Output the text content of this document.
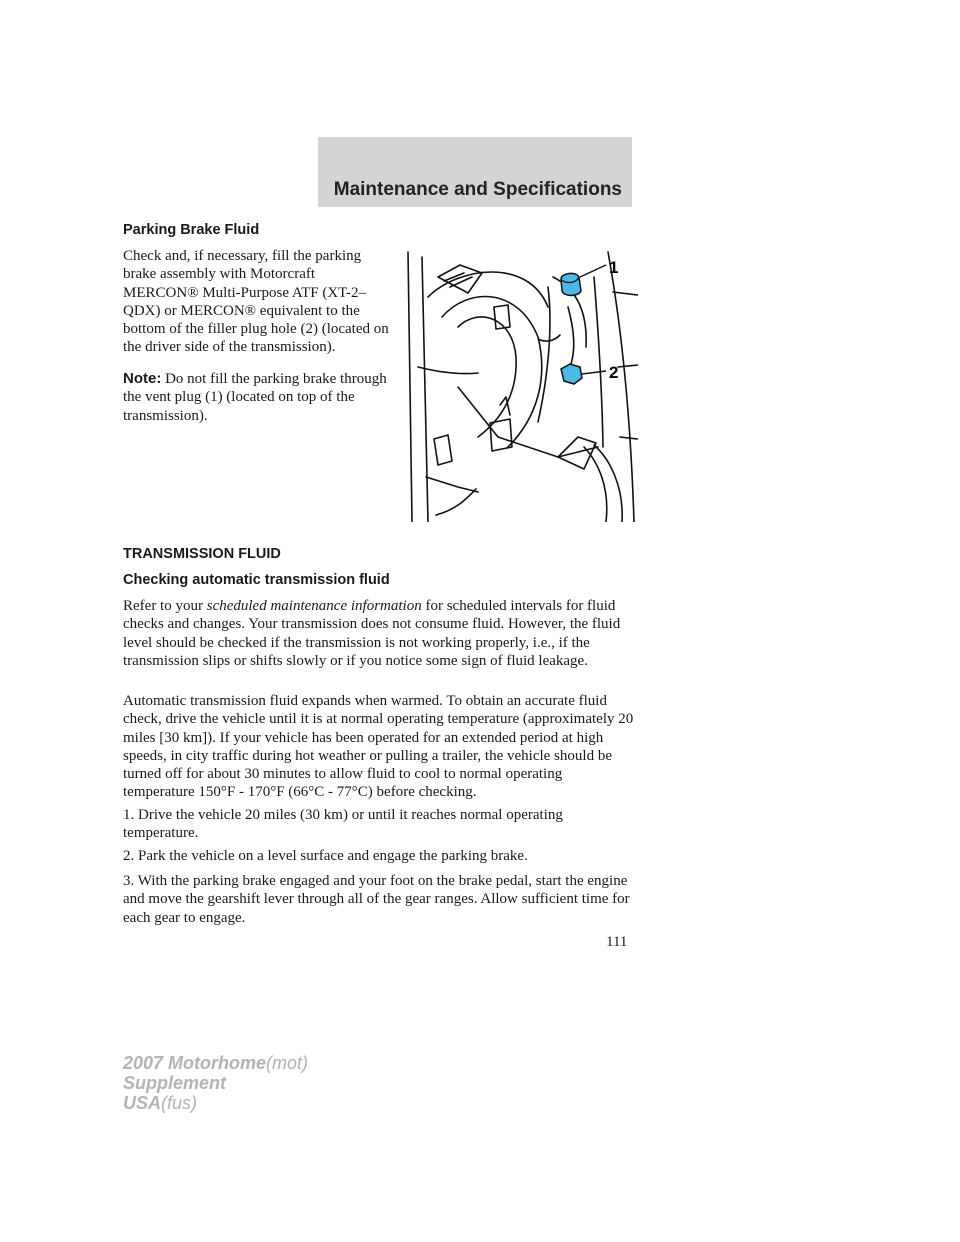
Maintenance and Specifications
Parking Brake Fluid

Check and, if necessary, fill the parking brake assembly with Motorcraft MERCON® Multi-Purpose ATF (XT-2–QDX) or MERCON® equivalent to the bottom of the filler plug hole (2) (located on the driver side of the transmission).

Note: Do not fill the parking brake through the vent plug (1) (located on top of the transmission).

1
2
TRANSMISSION FLUID
Checking automatic transmission fluid

Refer to your scheduled maintenance information for scheduled intervals for fluid checks and changes. Your transmission does not consume fluid. However, the fluid level should be checked if the transmission is not working properly, i.e., if the transmission slips or shifts slowly or if you notice some sign of fluid leakage.

Automatic transmission fluid expands when warmed. To obtain an accurate fluid check, drive the vehicle until it is at normal operating temperature (approximately 20 miles [30 km]). If your vehicle has been operated for an extended period at high speeds, in city traffic during hot weather or pulling a trailer, the vehicle should be turned off for about 30 minutes to allow fluid to cool to normal operating temperature 150°F - 170°F (66°C - 77°C) before checking.

1. Drive the vehicle 20 miles (30 km) or until it reaches normal operating temperature.

2. Park the vehicle on a level surface and engage the parking brake.

3. With the parking brake engaged and your foot on the brake pedal, start the engine and move the gearshift lever through all of the gear ranges. Allow sufficient time for each gear to engage.

111
2007 Motorhome(mot)
Supplement
USA(fus)
